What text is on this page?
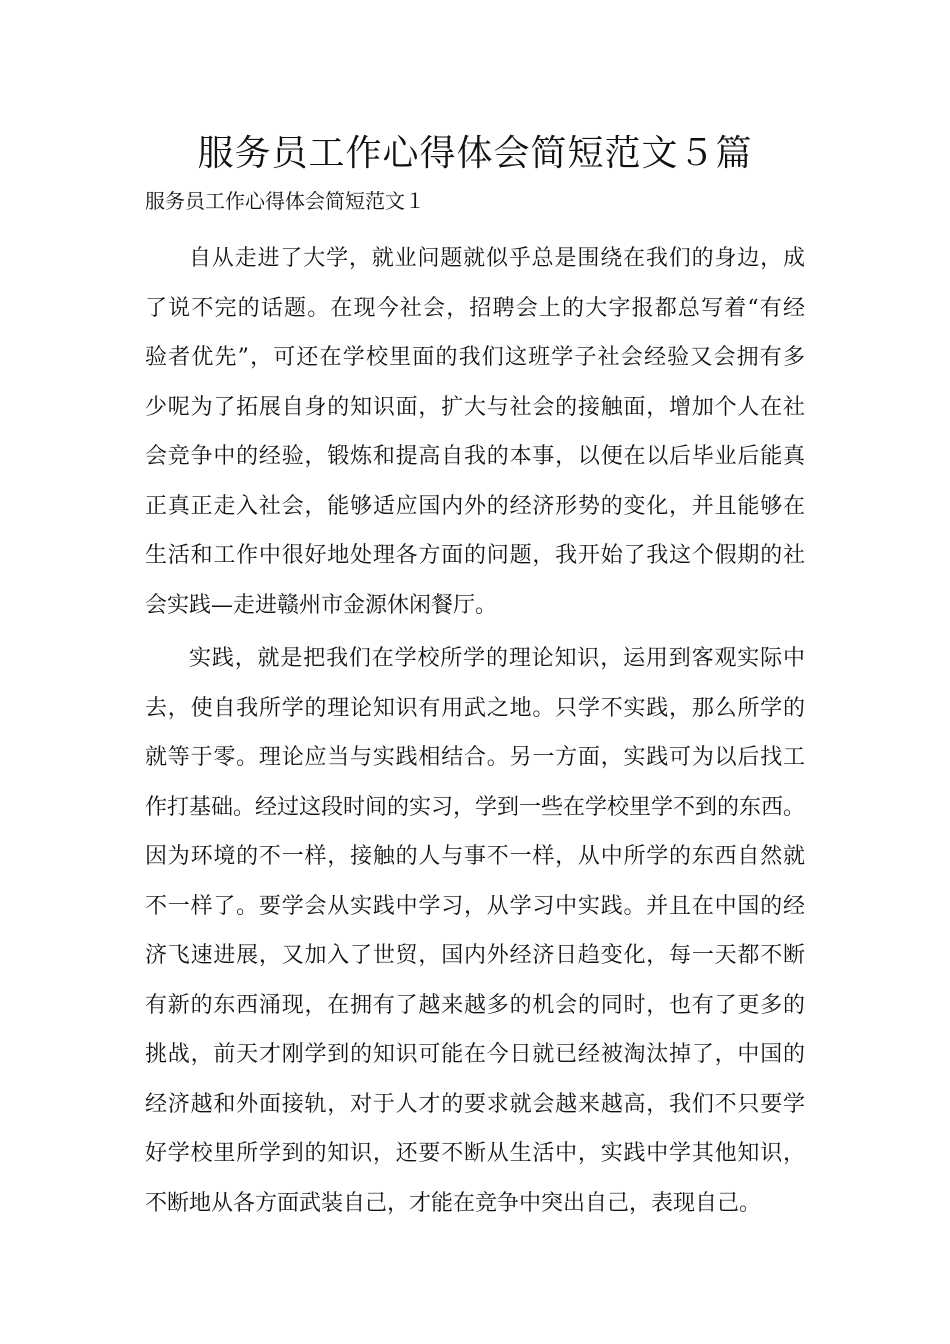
服务员工作心得体会简短范文５篇

服务员工作心得体会简短范文１

自从走进了大学，就业问题就似乎总是围绕在我们的身边，成
了说不完的话题。在现今社会，招聘会上的大字报都总写着“有经
验者优先”，可还在学校里面的我们这班学子社会经验又会拥有多
少呢为了拓展自身的知识面，扩大与社会的接触面，增加个人在社
会竞争中的经验，锻炼和提高自我的本事，以便在以后毕业后能真
正真正走入社会，能够适应国内外的经济形势的变化，并且能够在
生活和工作中很好地处理各方面的问题，我开始了我这个假期的社
会实践—走进赣州市金源休闲餐厅。
实践，就是把我们在学校所学的理论知识，运用到客观实际中
去，使自我所学的理论知识有用武之地。只学不实践，那么所学的
就等于零。理论应当与实践相结合。另一方面，实践可为以后找工
作打基础。经过这段时间的实习，学到一些在学校里学不到的东西。
因为环境的不一样，接触的人与事不一样，从中所学的东西自然就
不一样了。要学会从实践中学习，从学习中实践。并且在中国的经
济飞速进展，又加入了世贸，国内外经济日趋变化，每一天都不断
有新的东西涌现，在拥有了越来越多的机会的同时，也有了更多的
挑战，前天才刚学到的知识可能在今日就已经被淘汰掉了，中国的
经济越和外面接轨，对于人才的要求就会越来越高，我们不只要学
好学校里所学到的知识，还要不断从生活中，实践中学其他知识，
不断地从各方面武装自己，才能在竞争中突出自己，表现自己。
